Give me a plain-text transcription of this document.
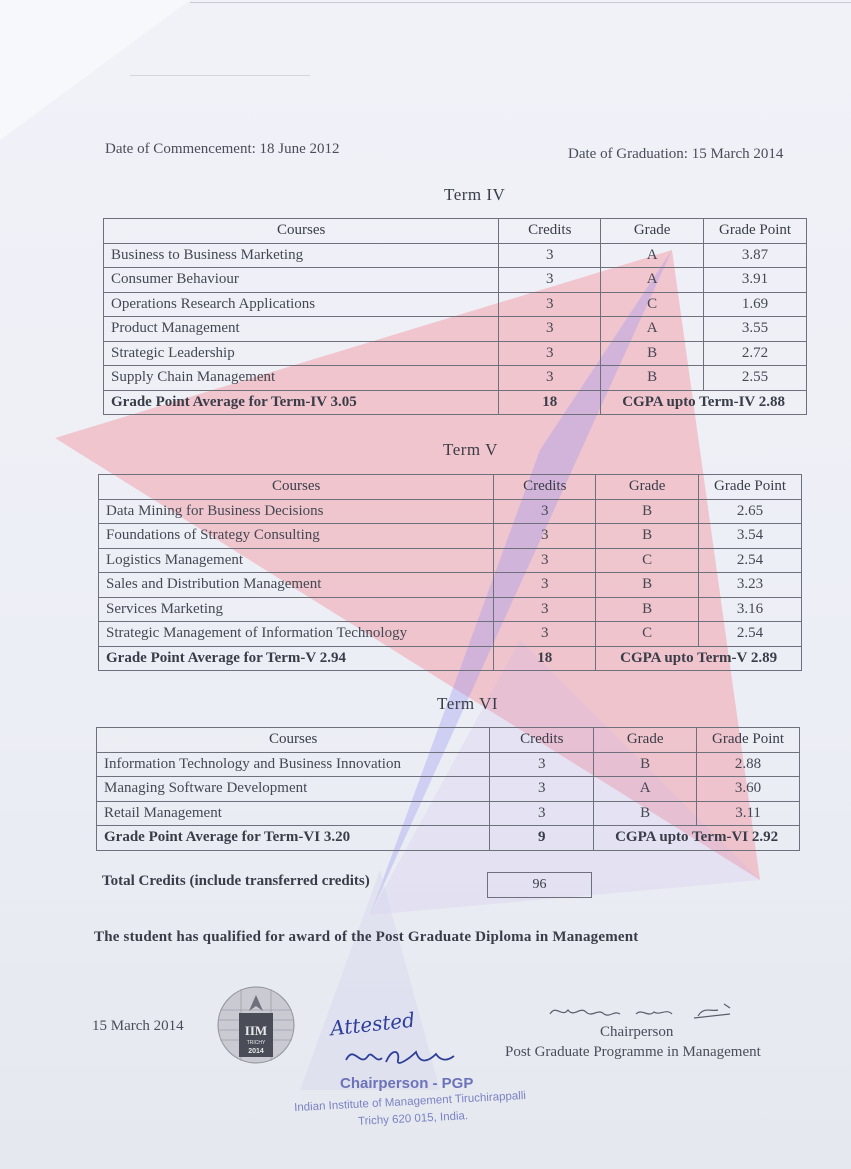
Date of Commencement: 18 June 2012	Date of Graduation: 15 March 2014
Term IV
Courses	Credits	Grade	Grade Point
Business to Business Marketing	3	A	3.87
Consumer Behaviour	3	A	3.91
Operations Research Applications	3	C	1.69
Product Management	3	A	3.55
Strategic Leadership	3	B	2.72
Supply Chain Management	3	B	2.55
Grade Point Average for Term-IV 3.05	18	CGPA upto Term-IV 2.88	
Term V
Courses	Credits	Grade	Grade Point
Data Mining for Business Decisions	3	B	2.65
Foundations of Strategy Consulting	3	B	3.54
Logistics Management	3	C	2.54
Sales and Distribution Management	3	B	3.23
Services Marketing	3	B	3.16
Strategic Management of Information Technology	3	C	2.54
Grade Point Average for Term-V 2.94	18	CGPA upto Term-V 2.89	
Term VI
Courses	Credits	Grade	Grade Point
Information Technology and Business Innovation	3	B	2.88
Managing Software Development	3	A	3.60
Retail Management	3	B	3.11
Grade Point Average for Term-VI 3.20	9	CGPA upto Term-VI 2.92	
Total Credits (include transferred credits)	96
The student has qualified for award of the Post Graduate Diploma in Management
15 March 2014	IIM
TRICHY
2014
Attested
Chairperson - PGP
Indian Institute of Management Tiruchirappalli
Trichy 620 015, India.
Chairperson
Post Graduate Programme in Management
